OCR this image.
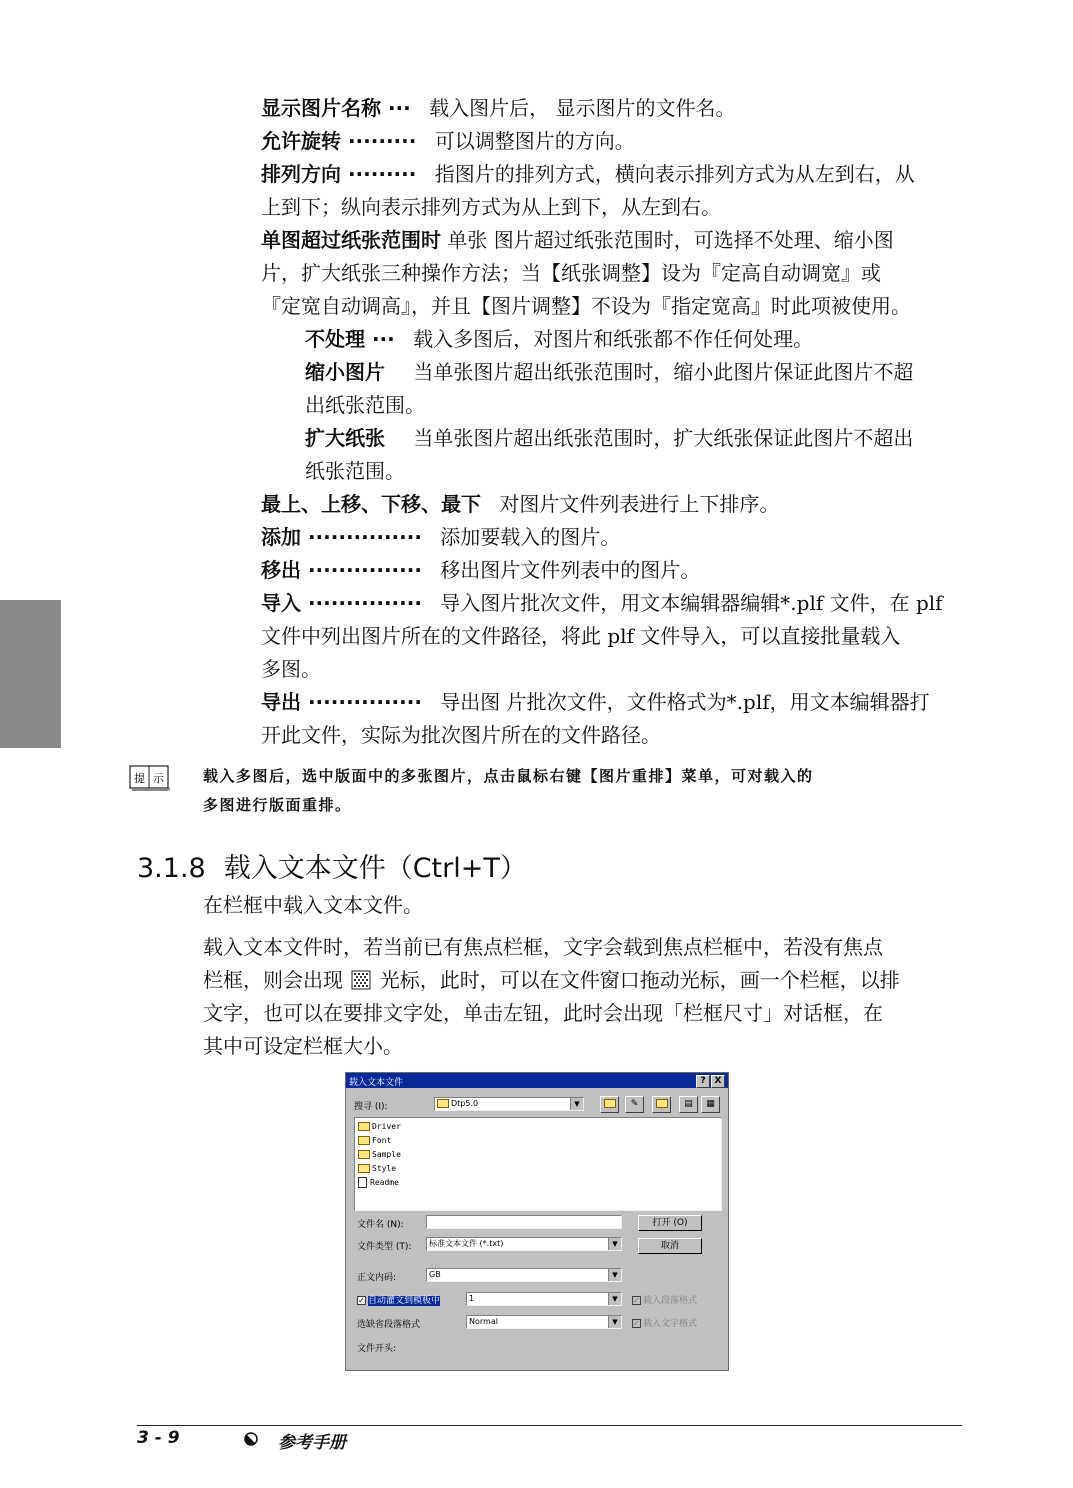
显示图片名称 ··· 载入图片后， 显示图片的文件名。
允许旋转 ········· 可以调整图片的方向。
排列方向 ········· 指图片的排列方式，横向表示排列方式为从左到右，从
上到下；纵向表示排列方式为从上到下，从左到右。
单图超过纸张范围时 单张 图片超过纸张范围时，可选择不处理、缩小图
片，扩大纸张三种操作方法；当【纸张调整】设为『定高自动调宽』或
『定宽自动调高』，并且【图片调整】不设为『指定宽高』时此项被使用。
不处理 ··· 载入多图后，对图片和纸张都不作任何处理。
缩小图片 当单张图片超出纸张范围时，缩小此图片保证此图片不超
出纸张范围。
扩大纸张 当单张图片超出纸张范围时，扩大纸张保证此图片不超出
纸张范围。
最上、上移、下移、最下 对图片文件列表进行上下排序。
添加 ··············· 添加要载入的图片。
移出 ··············· 移出图片文件列表中的图片。
导入 ··············· 导入图片批次文件，用文本编辑器编辑*.plf 文件，在 plf
文件中列出图片所在的文件路径，将此 plf 文件导入，可以直接批量载入
多图。
导出 ··············· 导出图 片批次文件，文件格式为*.plf，用文本编辑器打
开此文件，实际为批次图片所在的文件路径。
提 示	载入多图后，选中版面中的多张图片，点击鼠标右键【图片重排】菜单，可对载入的
多图进行版面重排。
3.1.8 载入文本文件（Ctrl+T）
在栏框中载入文本文件。
载入文本文件时，若当前已有焦点栏框，文字会载到焦点栏框中，若没有焦点
栏框，则会出现 光标，此时，可以在文件窗口拖动光标，画一个栏框，以排
文字，也可以在要排文字处，单击左钮，此时会出现「栏框尺寸」对话框，在
其中可设定栏框大小。
载入文本文件	? X
搜寻 (I):	Dtp5.0	▼	✎	▤	▦
Driver
Font
Sample
Style
Readme
文件名 (N):	打开 (O)
文件类型 (T):	标准文本文件 (*.txt)	▼	取消
正文内码:	GB	▼
✓ 自动灌文到模板中	1	▼	✓ 载入段落格式
选缺省段落格式	Normal	▼	✓ 载入文字格式
文件开头:
3 - 9	参考手册
